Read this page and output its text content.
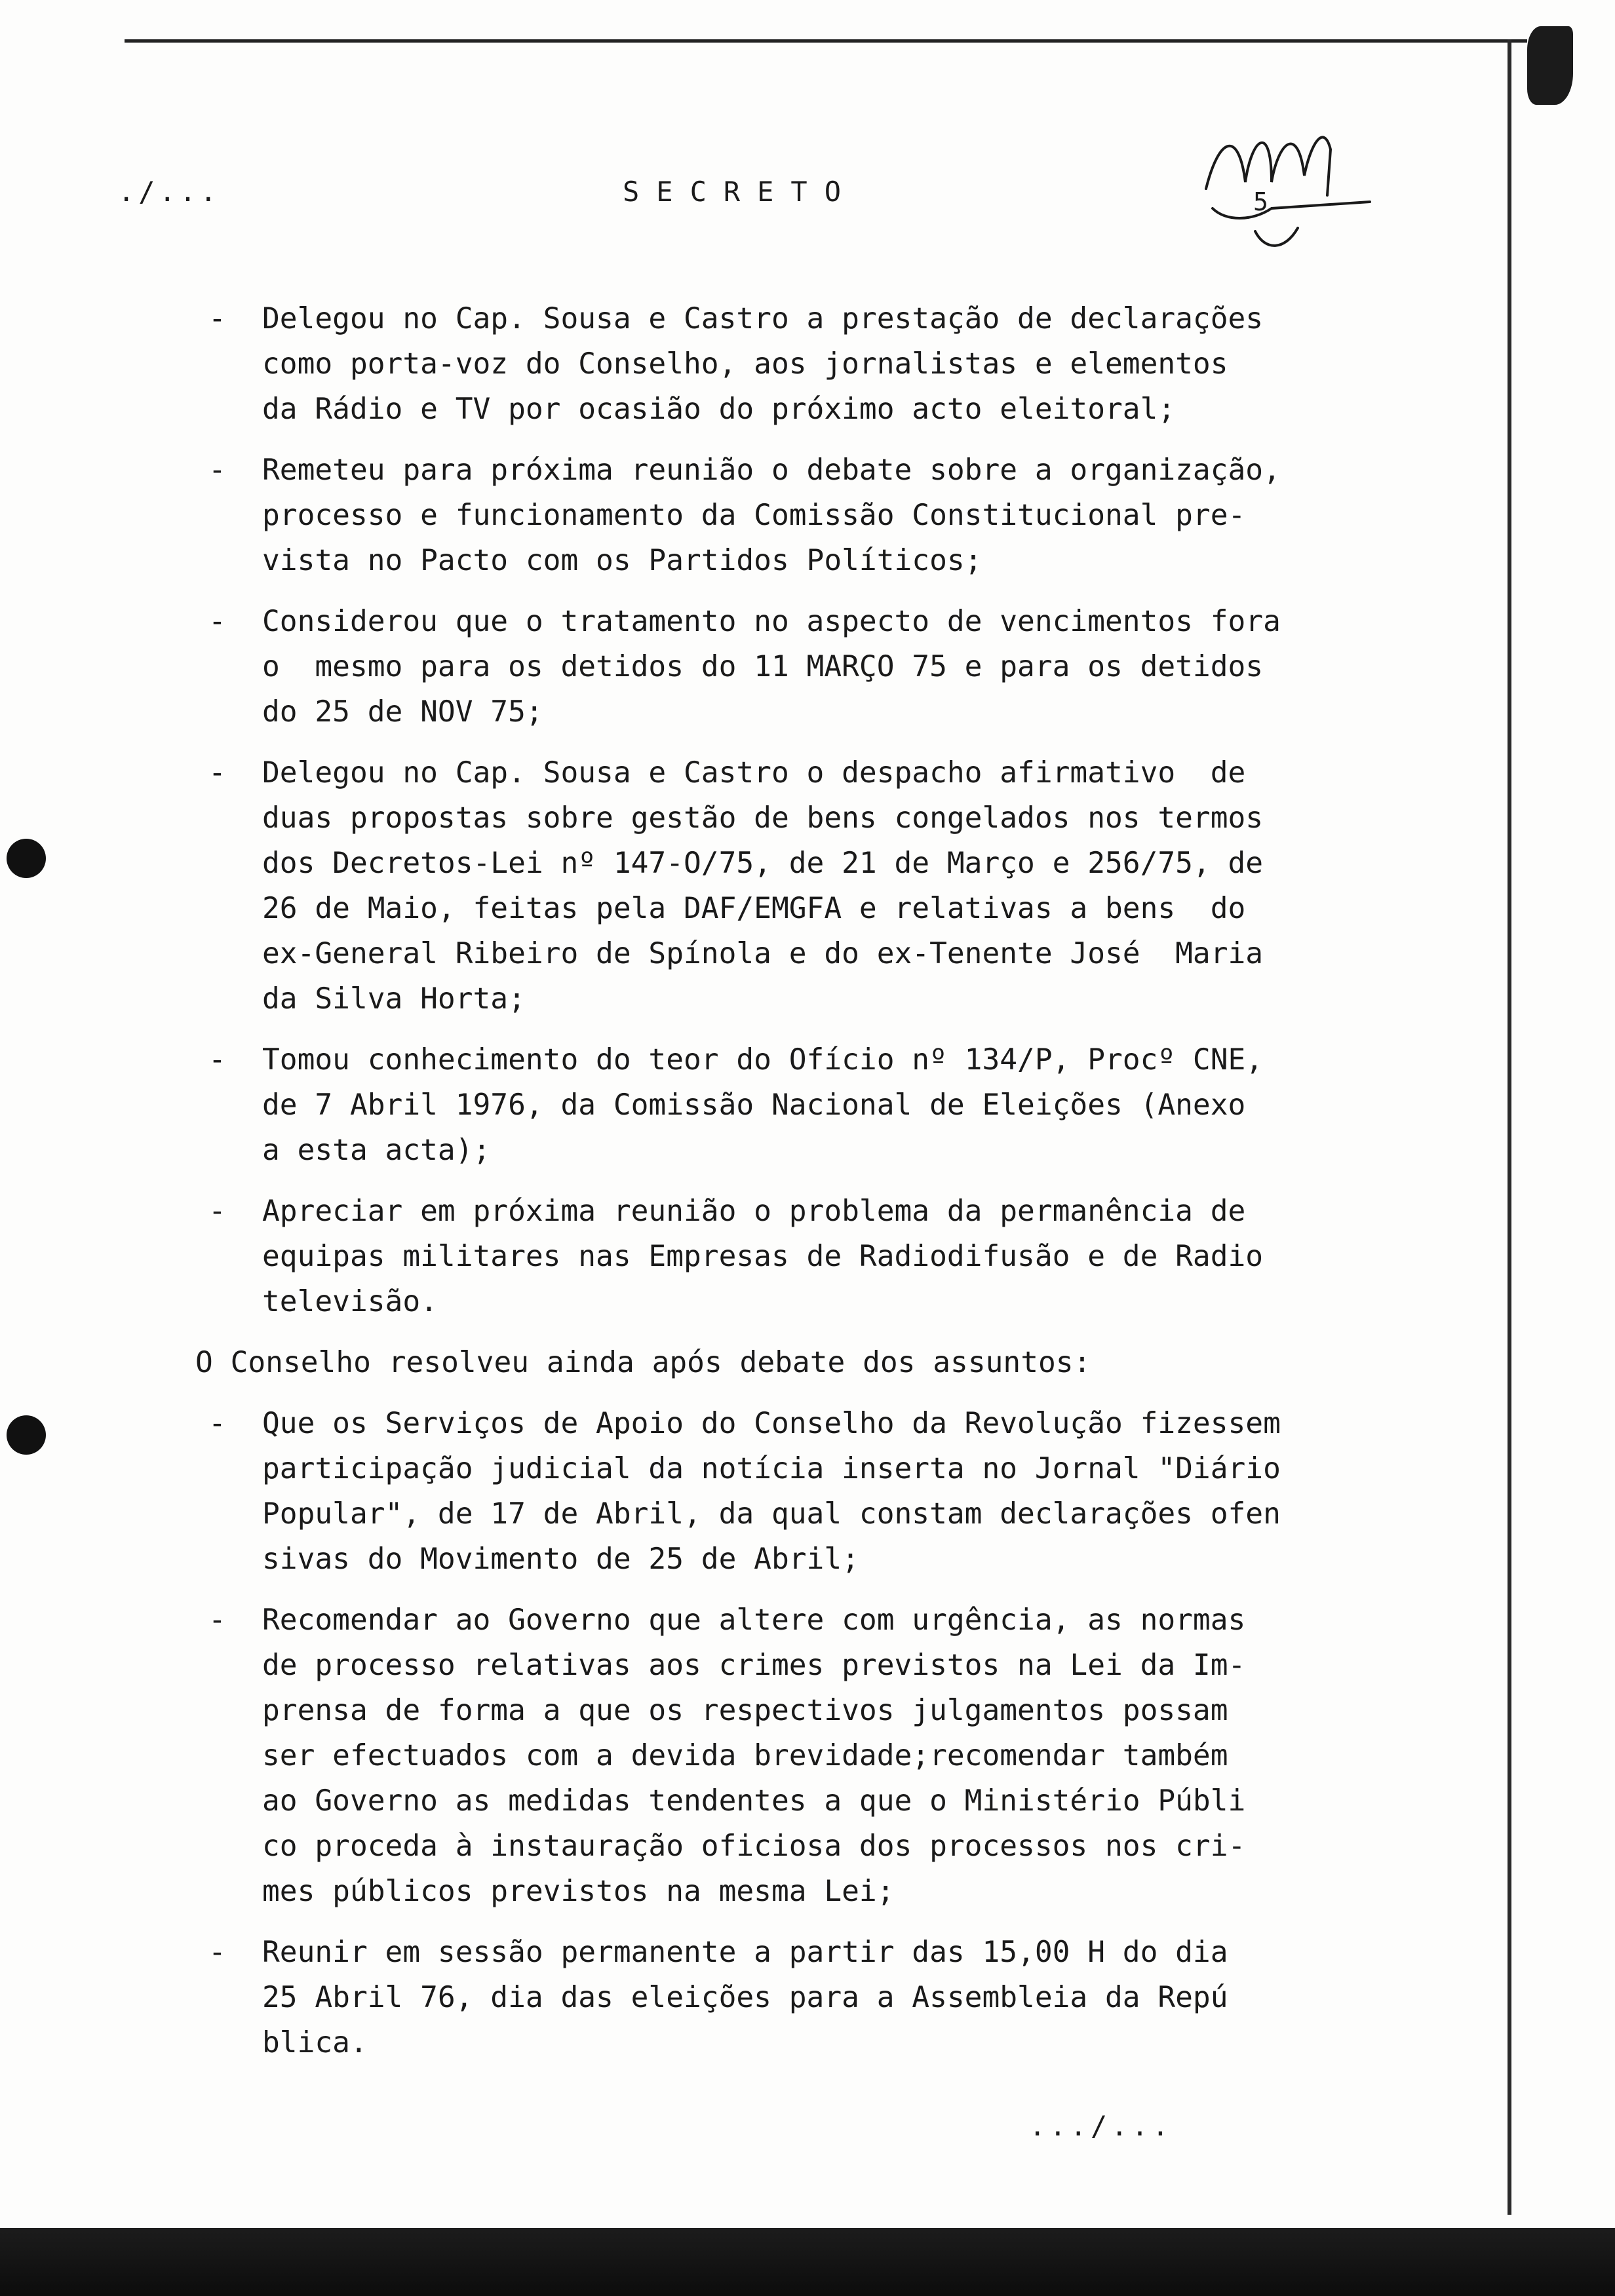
./...	SECRETO	5
- Delegou no Cap. Sousa e Castro a prestação de declarações
como porta-voz do Conselho, aos jornalistas e elementos
da Rádio e TV por ocasião do próximo acto eleitoral;
- Remeteu para próxima reunião o debate sobre a organização,
processo e funcionamento da Comissão Constitucional pre-
vista no Pacto com os Partidos Políticos;
- Considerou que o tratamento no aspecto de vencimentos fora
o  mesmo para os detidos do 11 MARÇO 75 e para os detidos
do 25 de NOV 75;
- Delegou no Cap. Sousa e Castro o despacho afirmativo  de
duas propostas sobre gestão de bens congelados nos termos
dos Decretos-Lei nº 147-O/75, de 21 de Março e 256/75, de
26 de Maio, feitas pela DAF/EMGFA e relativas a bens  do
ex-General Ribeiro de Spínola e do ex-Tenente José  Maria
da Silva Horta;
- Tomou conhecimento do teor do Ofício nº 134/P, Procº CNE,
de 7 Abril 1976, da Comissão Nacional de Eleições (Anexo
a esta acta);
- Apreciar em próxima reunião o problema da permanência de
equipas militares nas Empresas de Radiodifusão e de Radio
televisão.
O Conselho resolveu ainda após debate dos assuntos:
- Que os Serviços de Apoio do Conselho da Revolução fizessem
participação judicial da notícia inserta no Jornal "Diário
Popular", de 17 de Abril, da qual constam declarações ofen
sivas do Movimento de 25 de Abril;
- Recomendar ao Governo que altere com urgência, as normas
de processo relativas aos crimes previstos na Lei da Im-
prensa de forma a que os respectivos julgamentos possam
ser efectuados com a devida brevidade;recomendar também
ao Governo as medidas tendentes a que o Ministério Públi
co proceda à instauração oficiosa dos processos nos cri-
mes públicos previstos na mesma Lei;
- Reunir em sessão permanente a partir das 15,00 H do dia
25 Abril 76, dia das eleições para a Assembleia da Repú
blica.
.../...
